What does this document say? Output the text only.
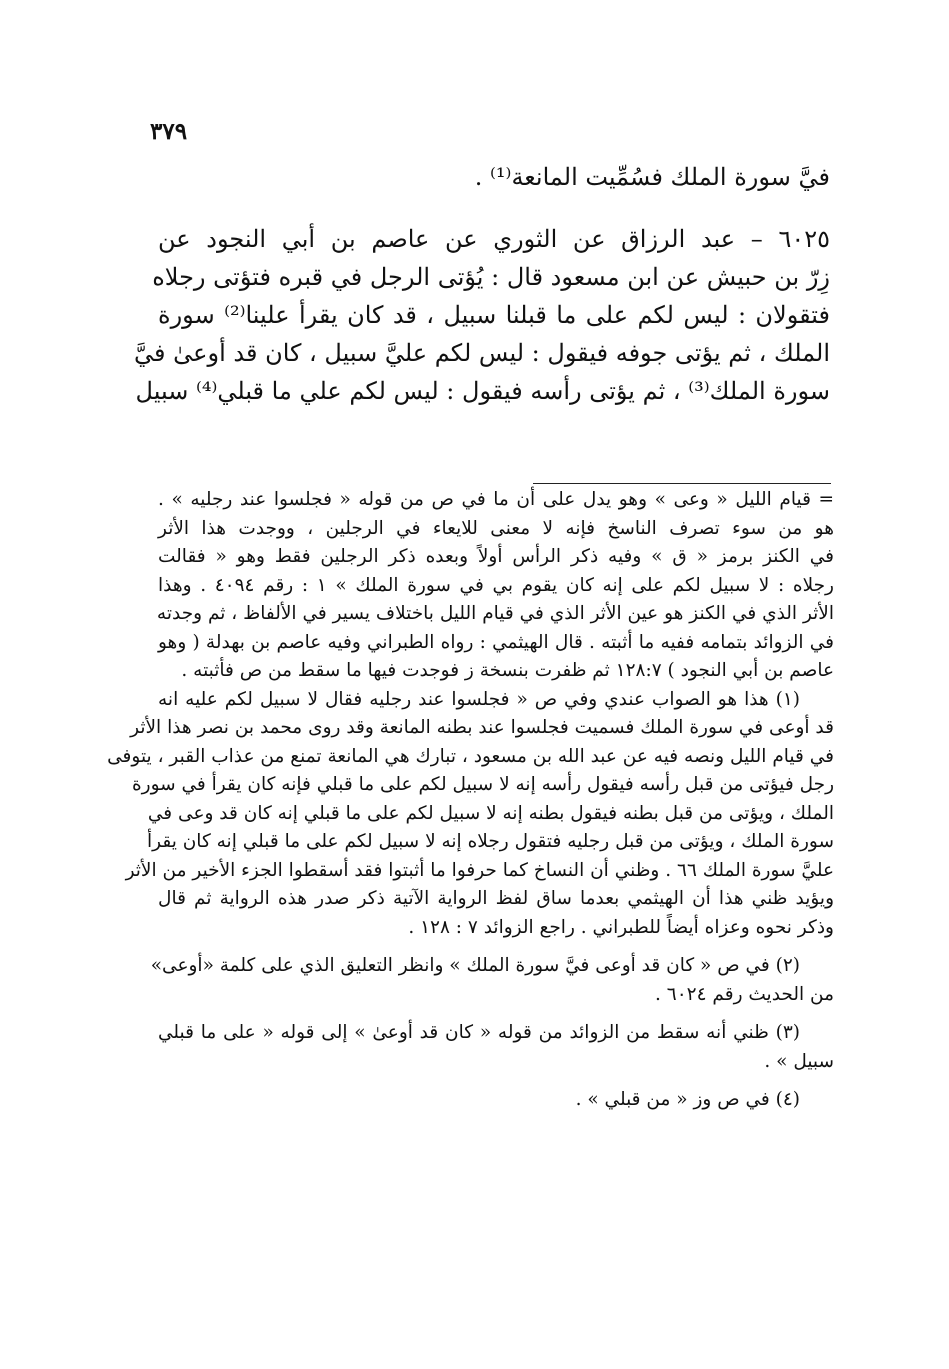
٣٧٩
فيَّ سورة الملك فسُمِّيت المانعة⁽¹⁾ .
٦٠٢٥ – عبد الرزاق عن الثوري عن عاصم بن أبي النجود عن
زِرّ بن حبيش عن ابن مسعود قال : يُؤتى الرجل في قبره فتؤتى رجلاه
فتقولان : ليس لكم على ما قبلنا سبيل ، قد كان يقرأ علينا⁽²⁾ سورة
الملك ، ثم يؤتى جوفه فيقول : ليس لكم عليَّ سبيل ، كان قد أوعىٰ فيَّ
سورة الملك⁽³⁾ ، ثم يؤتى رأسه فيقول : ليس لكم علي ما قبلي⁽⁴⁾ سبيل
= قيام الليل « وعى » وهو يدل على أن ما في ص من قوله « فجلسوا عند رجليه » .
هو من سوء تصرف الناسخ فإنه لا معنى للايعاء في الرجلين ، ووجدت هذا الأثر
في الكنز برمز « ق » وفيه ذكر الرأس أولاً وبعده ذكر الرجلين فقط وهو « فقالت
رجلاه : لا سبيل لكم على إنه كان يقوم بي في سورة الملك » ١ : رقم ٤٠٩٤ . وهذا
الأثر الذي في الكنز هو عين الأثر الذي في قيام الليل باختلاف يسير في الألفاظ ، ثم وجدته
في الزوائد بتمامه ففيه ما أثبته . قال الهيثمي : رواه الطبراني وفيه عاصم بن بهدلة ( وهو
عاصم بن أبي النجود ) ١٢٨:٧ ثم ظفرت بنسخة ز فوجدت فيها ما سقط من ص فأثبته .
(١) هذا هو الصواب عندي وفي ص « فجلسوا عند رجليه فقال لا سبيل لكم عليه انه
قد أوعى في سورة الملك فسميت فجلسوا عند بطنه المانعة وقد روى محمد بن نصر هذا الأثر
في قيام الليل ونصه فيه عن عبد الله بن مسعود ، تبارك هي المانعة تمنع من عذاب القبر ، يتوفى
رجل فيؤتى من قبل رأسه فيقول رأسه إنه لا سبيل لكم على ما قبلي فإنه كان يقرأ في سورة
الملك ، ويؤتى من قبل بطنه فيقول بطنه إنه لا سبيل لكم على ما قبلي إنه كان قد وعى في
سورة الملك ، ويؤتى من قبل رجليه فتقول رجلاه إنه لا سبيل لكم على ما قبلي إنه كان يقرأ
عليَّ سورة الملك ٦٦ . وظني أن النساخ كما حرفوا ما أثبتوا فقد أسقطوا الجزء الأخير من الأثر
ويؤيد ظني هذا أن الهيثمي بعدما ساق لفظ الرواية الآتية ذكر صدر هذه الرواية ثم قال
وذكر نحوه وعزاه أيضاً للطبراني . راجع الزوائد ٧ : ١٢٨ .
(٢) في ص « كان قد أوعى فيَّ سورة الملك » وانظر التعليق الذي على كلمة «أوعى»
من الحديث رقم ٦٠٢٤ .
(٣) ظني أنه سقط من الزوائد من قوله « كان قد أوعىٰ » إلى قوله « على ما قبلي
سبيل » .
(٤) في ص وز « من قبلي » .
